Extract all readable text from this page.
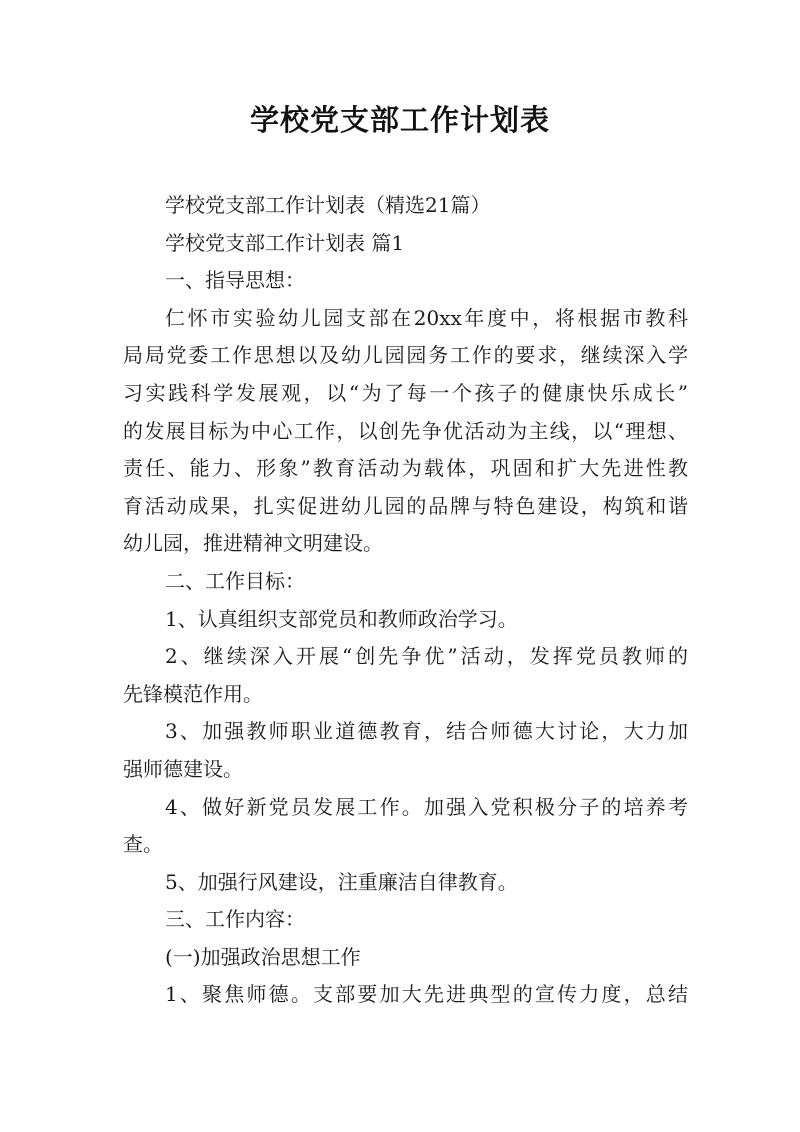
学校党支部工作计划表
学校党支部工作计划表（精选21篇）
学校党支部工作计划表 篇1
一、指导思想：
仁怀市实验幼儿园支部在20xx年度中，将根据市教科
局局党委工作思想以及幼儿园园务工作的要求，继续深入学
习实践科学发展观，以“为了每一个孩子的健康快乐成长”
的发展目标为中心工作，以创先争优活动为主线，以“理想、
责任、能力、形象”教育活动为载体，巩固和扩大先进性教
育活动成果，扎实促进幼儿园的品牌与特色建设，构筑和谐
幼儿园，推进精神文明建设。
二、工作目标：
1、认真组织支部党员和教师政治学习。
2、继续深入开展“创先争优”活动，发挥党员教师的
先锋模范作用。
3、加强教师职业道德教育，结合师德大讨论，大力加
强师德建设。
4、做好新党员发展工作。加强入党积极分子的培养考
查。
5、加强行风建设，注重廉洁自律教育。
三、工作内容：
(一)加强政治思想工作
1、聚焦师德。支部要加大先进典型的宣传力度，总结
